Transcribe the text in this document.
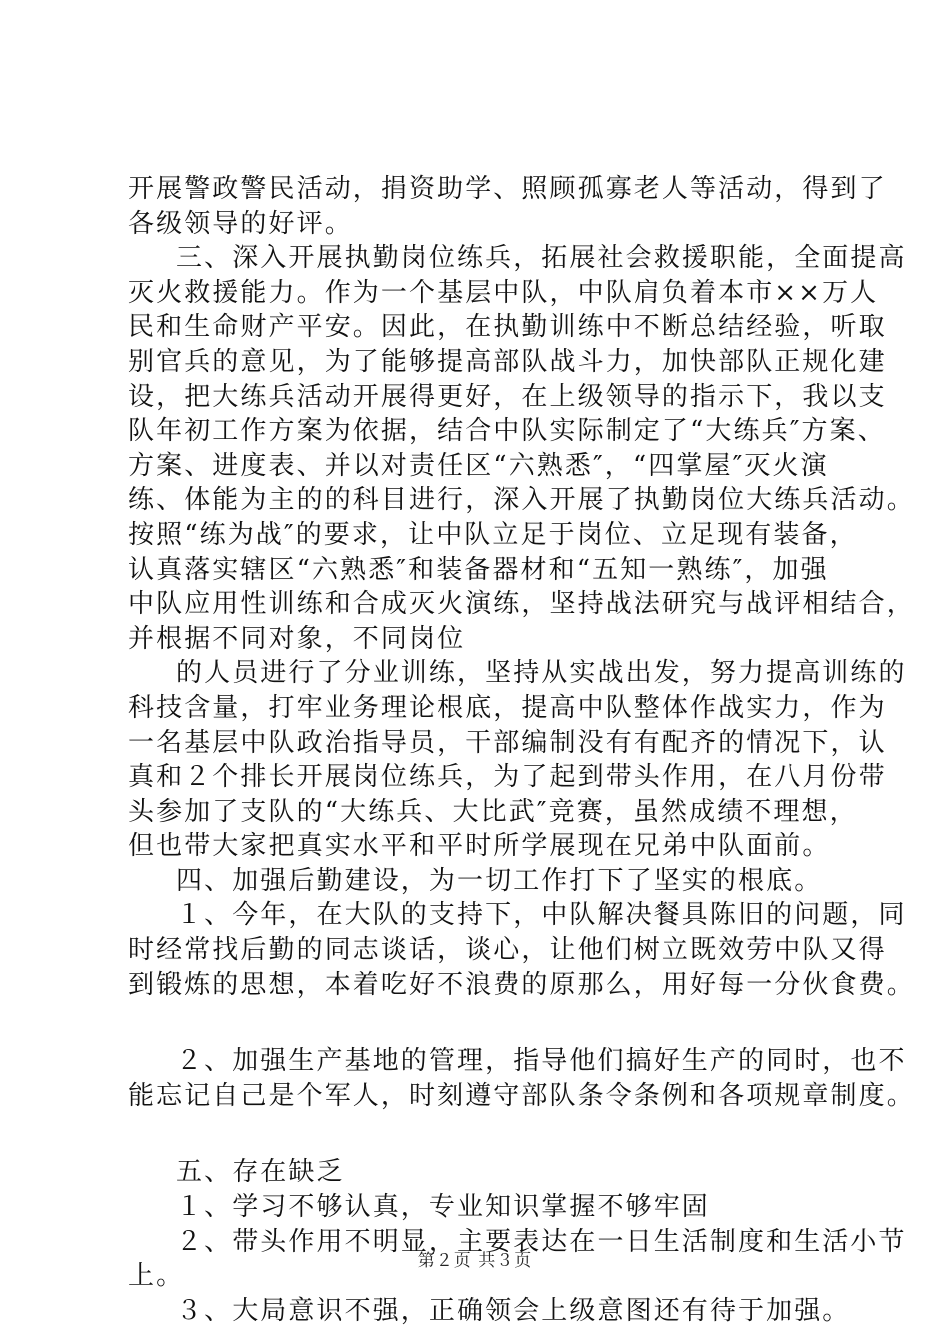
开展警政警民活动，捐资助学、照顾孤寡老人等活动，得到了
各级领导的好评。
三、深入开展执勤岗位练兵，拓展社会救援职能，全面提高
灭火救援能力。作为一个基层中队，中队肩负着本市××万人
民和生命财产平安。因此，在执勤训练中不断总结经验，听取
别官兵的意见，为了能够提高部队战斗力，加快部队正规化建
设，把大练兵活动开展得更好，在上级领导的指示下，我以支
队年初工作方案为依据，结合中队实际制定了“大练兵″方案、
方案、进度表、并以对责任区“六熟悉″，“四掌屋″灭火演
练、体能为主的的科目进行，深入开展了执勤岗位大练兵活动。
按照“练为战″的要求，让中队立足于岗位、立足现有装备，
认真落实辖区“六熟悉″和装备器材和“五知一熟练″，加强
中队应用性训练和合成灭火演练，坚持战法研究与战评相结合，
并根据不同对象，不同岗位
的人员进行了分业训练，坚持从实战出发，努力提高训练的
科技含量，打牢业务理论根底，提高中队整体作战实力，作为
一名基层中队政治指导员，干部编制没有有配齐的情况下，认
真和２个排长开展岗位练兵，为了起到带头作用，在八月份带
头参加了支队的“大练兵、大比武″竞赛，虽然成绩不理想，
但也带大家把真实水平和平时所学展现在兄弟中队面前。
四、加强后勤建设，为一切工作打下了坚实的根底。
１、今年，在大队的支持下，中队解决餐具陈旧的问题，同
时经常找后勤的同志谈话，谈心，让他们树立既效劳中队又得
到锻炼的思想，本着吃好不浪费的原那么，用好每一分伙食费。
２、加强生产基地的管理，指导他们搞好生产的同时，也不
能忘记自己是个军人，时刻遵守部队条令条例和各项规章制度。
五、存在缺乏
１、学习不够认真，专业知识掌握不够牢固
２、带头作用不明显，主要表达在一日生活制度和生活小节
上。
３、大局意识不强，正确领会上级意图还有待于加强。
第２页 共３页
